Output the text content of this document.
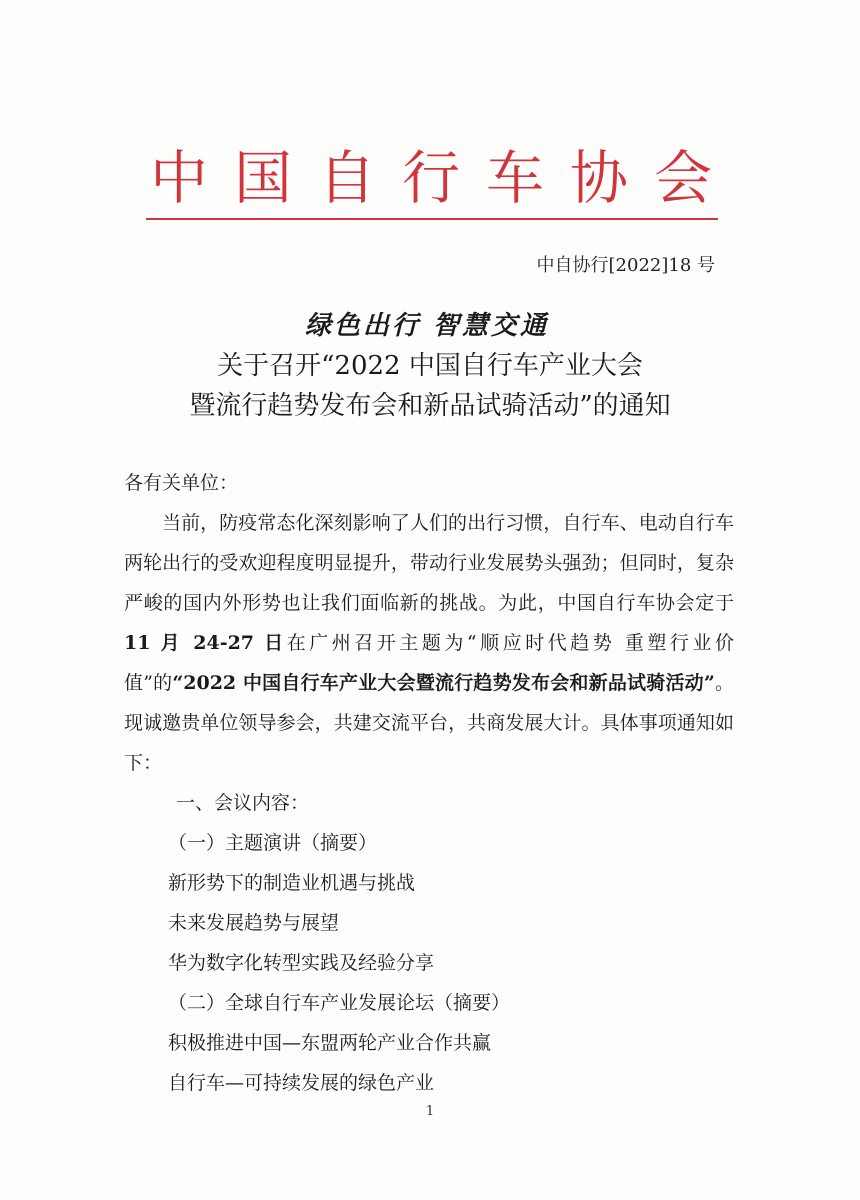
中国自行车协会
中自协行[2022]18 号
绿色出行 智慧交通
关于召开“2022 中国自行车产业大会
暨流行趋势发布会和新品试骑活动”的通知

各有关单位：

当前，防疫常态化深刻影响了人们的出行习惯，自行车、电动自行车两轮出行的受欢迎程度明显提升，带动行业发展势头强劲；但同时，复杂严峻的国内外形势也让我们面临新的挑战。为此，中国自行车协会定于11 月 24-27 日在广州召开主题为“顺应时代趋势 重塑行业价值”的“2022 中国自行车产业大会暨流行趋势发布会和新品试骑活动”。现诚邀贵单位领导参会，共建交流平台，共商发展大计。具体事项通知如下：

一、会议内容：
（一）主题演讲（摘要）
新形势下的制造业机遇与挑战
未来发展趋势与展望
华为数字化转型实践及经验分享
（二）全球自行车产业发展论坛（摘要）
积极推进中国—东盟两轮产业合作共赢
自行车—可持续发展的绿色产业
1
